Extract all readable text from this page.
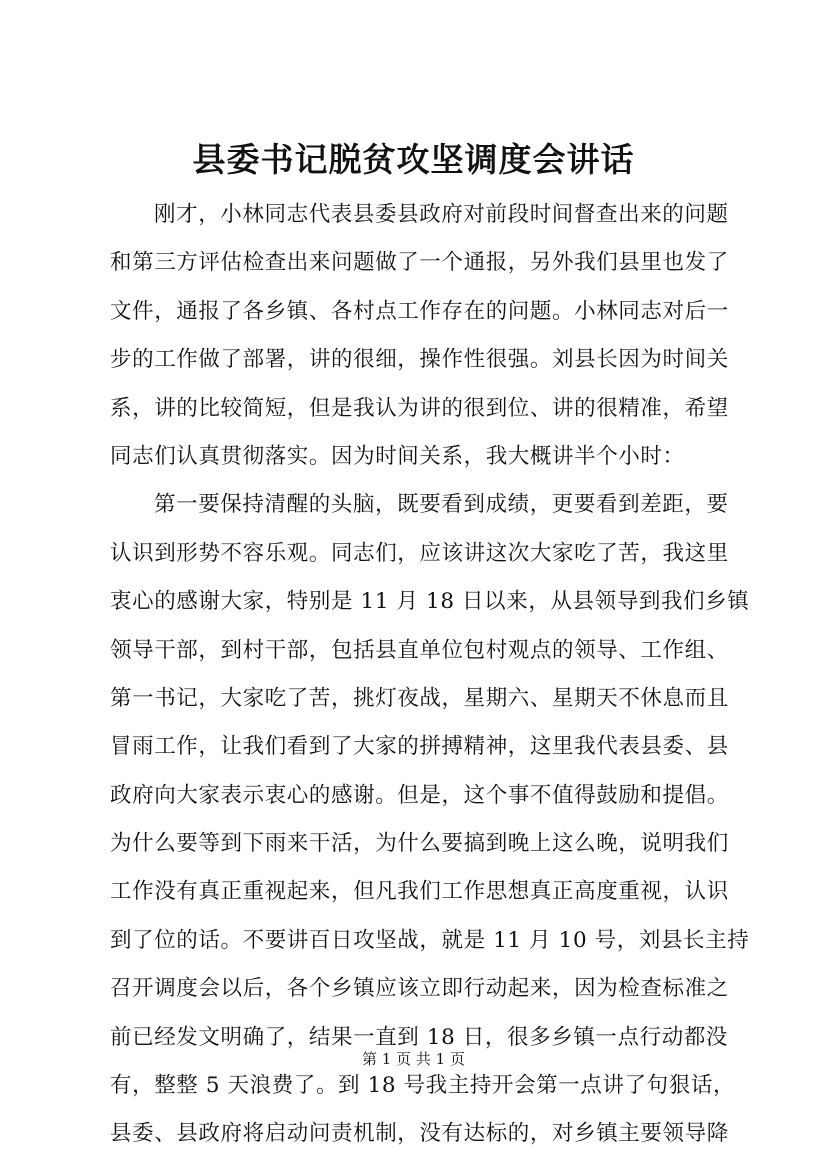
县委书记脱贫攻坚调度会讲话
刚才，小林同志代表县委县政府对前段时间督查出来的问题
和第三方评估检查出来问题做了一个通报，另外我们县里也发了
文件，通报了各乡镇、各村点工作存在的问题。小林同志对后一
步的工作做了部署，讲的很细，操作性很强。刘县长因为时间关
系，讲的比较简短，但是我认为讲的很到位、讲的很精准，希望
同志们认真贯彻落实。因为时间关系，我大概讲半个小时：
第一要保持清醒的头脑，既要看到成绩，更要看到差距，要
认识到形势不容乐观。同志们，应该讲这次大家吃了苦，我这里
衷心的感谢大家，特别是 11 月 18 日以来，从县领导到我们乡镇
领导干部，到村干部，包括县直单位包村观点的领导、工作组、
第一书记，大家吃了苦，挑灯夜战，星期六、星期天不休息而且
冒雨工作，让我们看到了大家的拼搏精神，这里我代表县委、县
政府向大家表示衷心的感谢。但是，这个事不值得鼓励和提倡。
为什么要等到下雨来干活，为什么要搞到晚上这么晚，说明我们
工作没有真正重视起来，但凡我们工作思想真正高度重视，认识
到了位的话。不要讲百日攻坚战，就是 11 月 10 号，刘县长主持
召开调度会以后，各个乡镇应该立即行动起来，因为检查标准之
前已经发文明确了，结果一直到 18 日，很多乡镇一点行动都没
有，整整 5 天浪费了。到 18 号我主持开会第一点讲了句狠话，
县委、县政府将启动问责机制，没有达标的，对乡镇主要领导降
第 1 页 共 1 页
